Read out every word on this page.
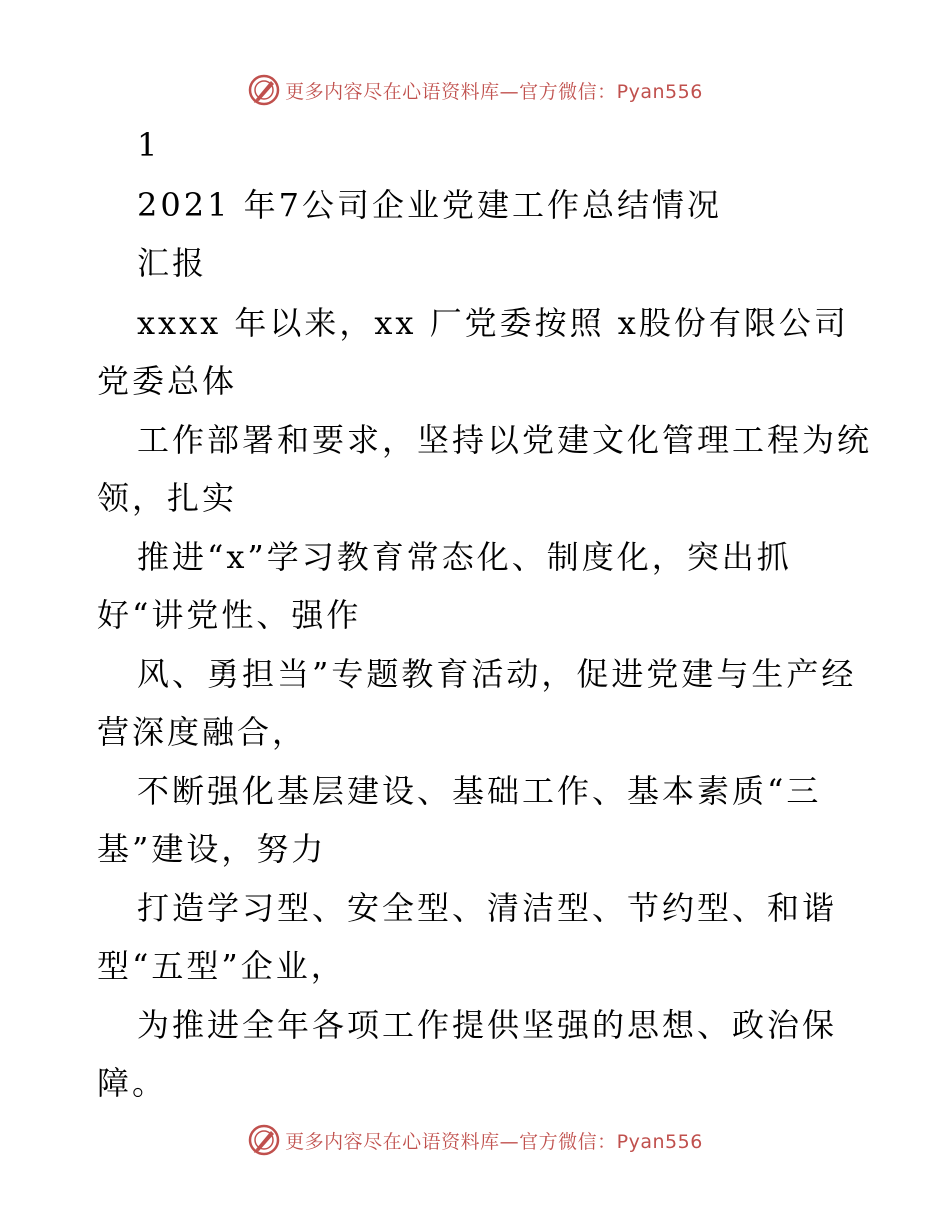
更多内容尽在心语资料库—官方微信：Pyan556
1
2021 年7公司企业党建工作总结情况
汇报
xxxx 年以来，xx 厂党委按照 x股份有限公司
党委总体
工作部署和要求，坚持以党建文化管理工程为统
领，扎实
推进“x”学习教育常态化、制度化，突出抓
好“讲党性、强作
风、勇担当”专题教育活动，促进党建与生产经
营深度融合，
不断强化基层建设、基础工作、基本素质“三
基”建设，努力
打造学习型、安全型、清洁型、节约型、和谐
型“五型”企业，
为推进全年各项工作提供坚强的思想、政治保
障。
更多内容尽在心语资料库—官方微信：Pyan556
